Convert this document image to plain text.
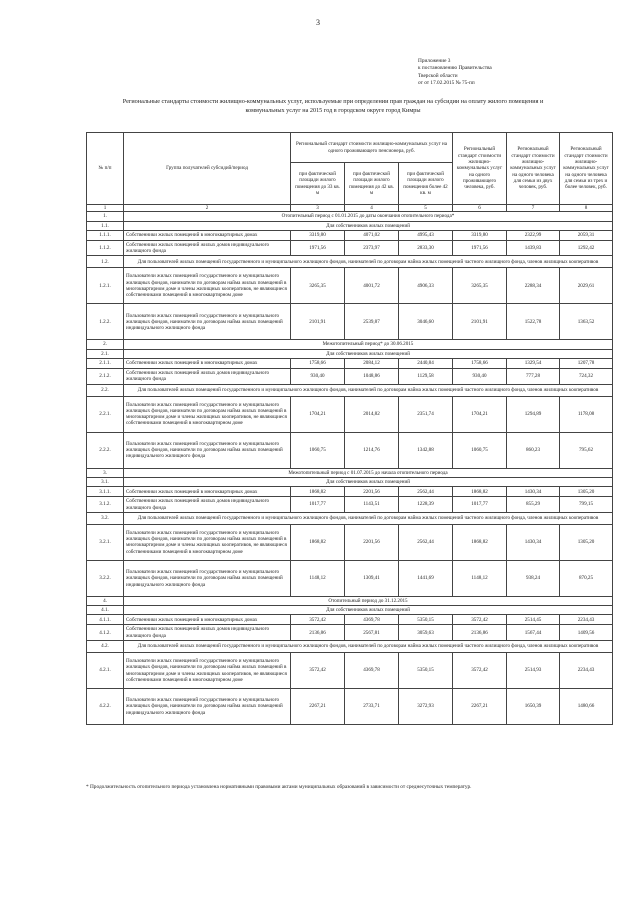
3
Приложение 3
к постановлению Правительства
Тверской области
от от 17.02.2015 № 75-пп
Региональные стандарты стоимости жилищно-коммунальных услуг, используемые при определении прав граждан на субсидии на оплату жилого помещения и коммунальных услуг на 2015 год в городском округе город Кимры
№ п/п	Группа получателей субсидий/период	Региональный стандарт стоимости жилищно-коммунальных услуг на одного проживающего пенсионера, руб.			Региональный стандарт стоимости жилищно-коммунальных услуг на одного проживающего человека, руб.	Региональный стандарт стоимости жилищно-коммунальных услуг на одного человека для семьи из двух человек, руб.	Региональный стандарт стоимости жилищно-коммунальных услуг на одного человека для семьи из трех и более человек, руб.
		при фактической площади жилого помещения до 33 кв. м	при фактической площади жилого помещения до 42 кв. м	при фактической площади жилого помещения более 42 кв. м			
1	2	3	4	5	6	7	8
1.	Отопительный период с 01.01.2015 до даты окончания отопительного периода*						
1.1.	Для собственников жилых помещений						
1.1.1.	Собственники жилых помещений в многоквартирных домах	3319,80	4071,02	4995,43	3319,80	2322,99	2059,31
1.1.2.	Собственники жилых помещений жилых домов индивидуального жилищного фонда	1971,56	2373,97	2833,30	1971,56	1439,83	1292,42
1.2.	Для пользователей жилых помещений государственного и муниципального жилищного фондов, нанимателей по договорам найма жилых помещений частного жилищного фонда, членов жилищных кооперативов						
1.2.1.	Пользователи жилых помещений государственного и муниципального жилищных фондов, наниматели по договорам найма жилых помещений в многоквартирном доме и члены жилищных кооперативов, не являющиеся собственниками помещений в многоквартирном доме	3265,35	4001,72	4906,33	3265,35	2288,34	2029,61
1.2.2.	Пользователи жилых помещений государственного и муниципального жилищных фондов, наниматели по договорам найма жилых помещений индивидуального жилищного фонда	2101,91	2539,87	3046,60	2101,91	1522,78	1363,52
2.	Межотопительный период* до 30.06.2015						
2.1.	Для собственников жилых помещений						
2.1.1.	Собственники жилых помещений в многоквартирных домах	1758,66	2084,12	2440,84	1758,66	1329,54	1207,78
2.1.2.	Собственники жилых помещений жилых домов индивидуального жилищного фонда	930,40	1048,86	1129,58	930,40	777,28	724,32
2.2.	Для пользователей жилых помещений государственного и муниципального жилищного фондов, нанимателей по договорам найма жилых помещений частного жилищного фонда, членов жилищных кооперативов						
2.2.1.	Пользователи жилых помещений государственного и муниципального жилищных фондов, наниматели по договорам найма жилых помещений в многоквартирном доме и члены жилищных кооперативов, не являющиеся собственниками помещений в многоквартирном доме	1704,21	2014,82	2351,74	1704,21	1294,89	1178,08
2.2.2.	Пользователи жилых помещений государственного и муниципального жилищных фондов, наниматели по договорам найма жилых помещений индивидуального жилищного фонда	1060,75	1214,76	1342,88	1060,75	860,23	795,62
3.	Межотопительный период с 01.07.2015 до начала отопительного периода						
3.1.	Для собственников жилых помещений						
3.1.1.	Собственники жилых помещений в многоквартирных домах	1868,82	2201,56	2562,44	1868,82	1430,34	1305,20
3.1.2.	Собственники жилых помещений жилых домов индивидуального жилищного фонда	1017,77	1143,51	1228,39	1017,77	855,29	799,15
3.2.	Для пользователей жилых помещений государственного и муниципального жилищного фондов, нанимателей по договорам найма жилых помещений частного жилищного фонда, членов жилищных кооперативов						
3.2.1.	Пользователи жилых помещений государственного и муниципального жилищных фондов, наниматели по договорам найма жилых помещений в многоквартирном доме и члены жилищных кооперативов, не являющиеся собственниками помещений в многоквартирном доме	1868,82	2201,56	2562,44	1868,82	1430,34	1305,20
3.2.2.	Пользователи жилых помещений государственного и муниципального жилищных фондов, наниматели по договорам найма жилых помещений индивидуального жилищного фонда	1148,12	1309,41	1441,69	1148,12	938,24	870,25
4.	Отопительный период до 31.12.2015						
4.1.	Для собственников жилых помещений						
4.1.1.	Собственники жилых помещений в многоквартирных домах	3572,42	4369,78	5350,15	3572,42	2514,45	2234,43
4.1.2.	Собственники жилых помещений жилых домов индивидуального жилищного фонда	2136,86	2567,81	3059,63	2136,86	1567,44	1409,56
4.2.	Для пользователей жилых помещений государственного и муниципального жилищного фондов, нанимателей по договорам найма жилых помещений частного жилищного фонда, членов жилищных кооперативов						
4.2.1.	Пользователи жилых помещений государственного и муниципального жилищных фондов, наниматели по договорам найма жилых помещений в многоквартирном доме и члены жилищных кооперативов, не являющиеся собственниками помещений в многоквартирном доме	3572,42	4369,78	5350,15	3572,42	2514,93	2234,43
4.2.2.	Пользователи жилых помещений государственного и муниципального жилищных фондов, наниматели по договорам найма жилых помещений индивидуального жилищного фонда	2267,21	2733,71	3272,93	2267,21	1650,39	1480,66
* Продолжительность отопительного периода установлена нормативными правовыми актами муниципальных образований в зависимости от среднесуточных температур.
